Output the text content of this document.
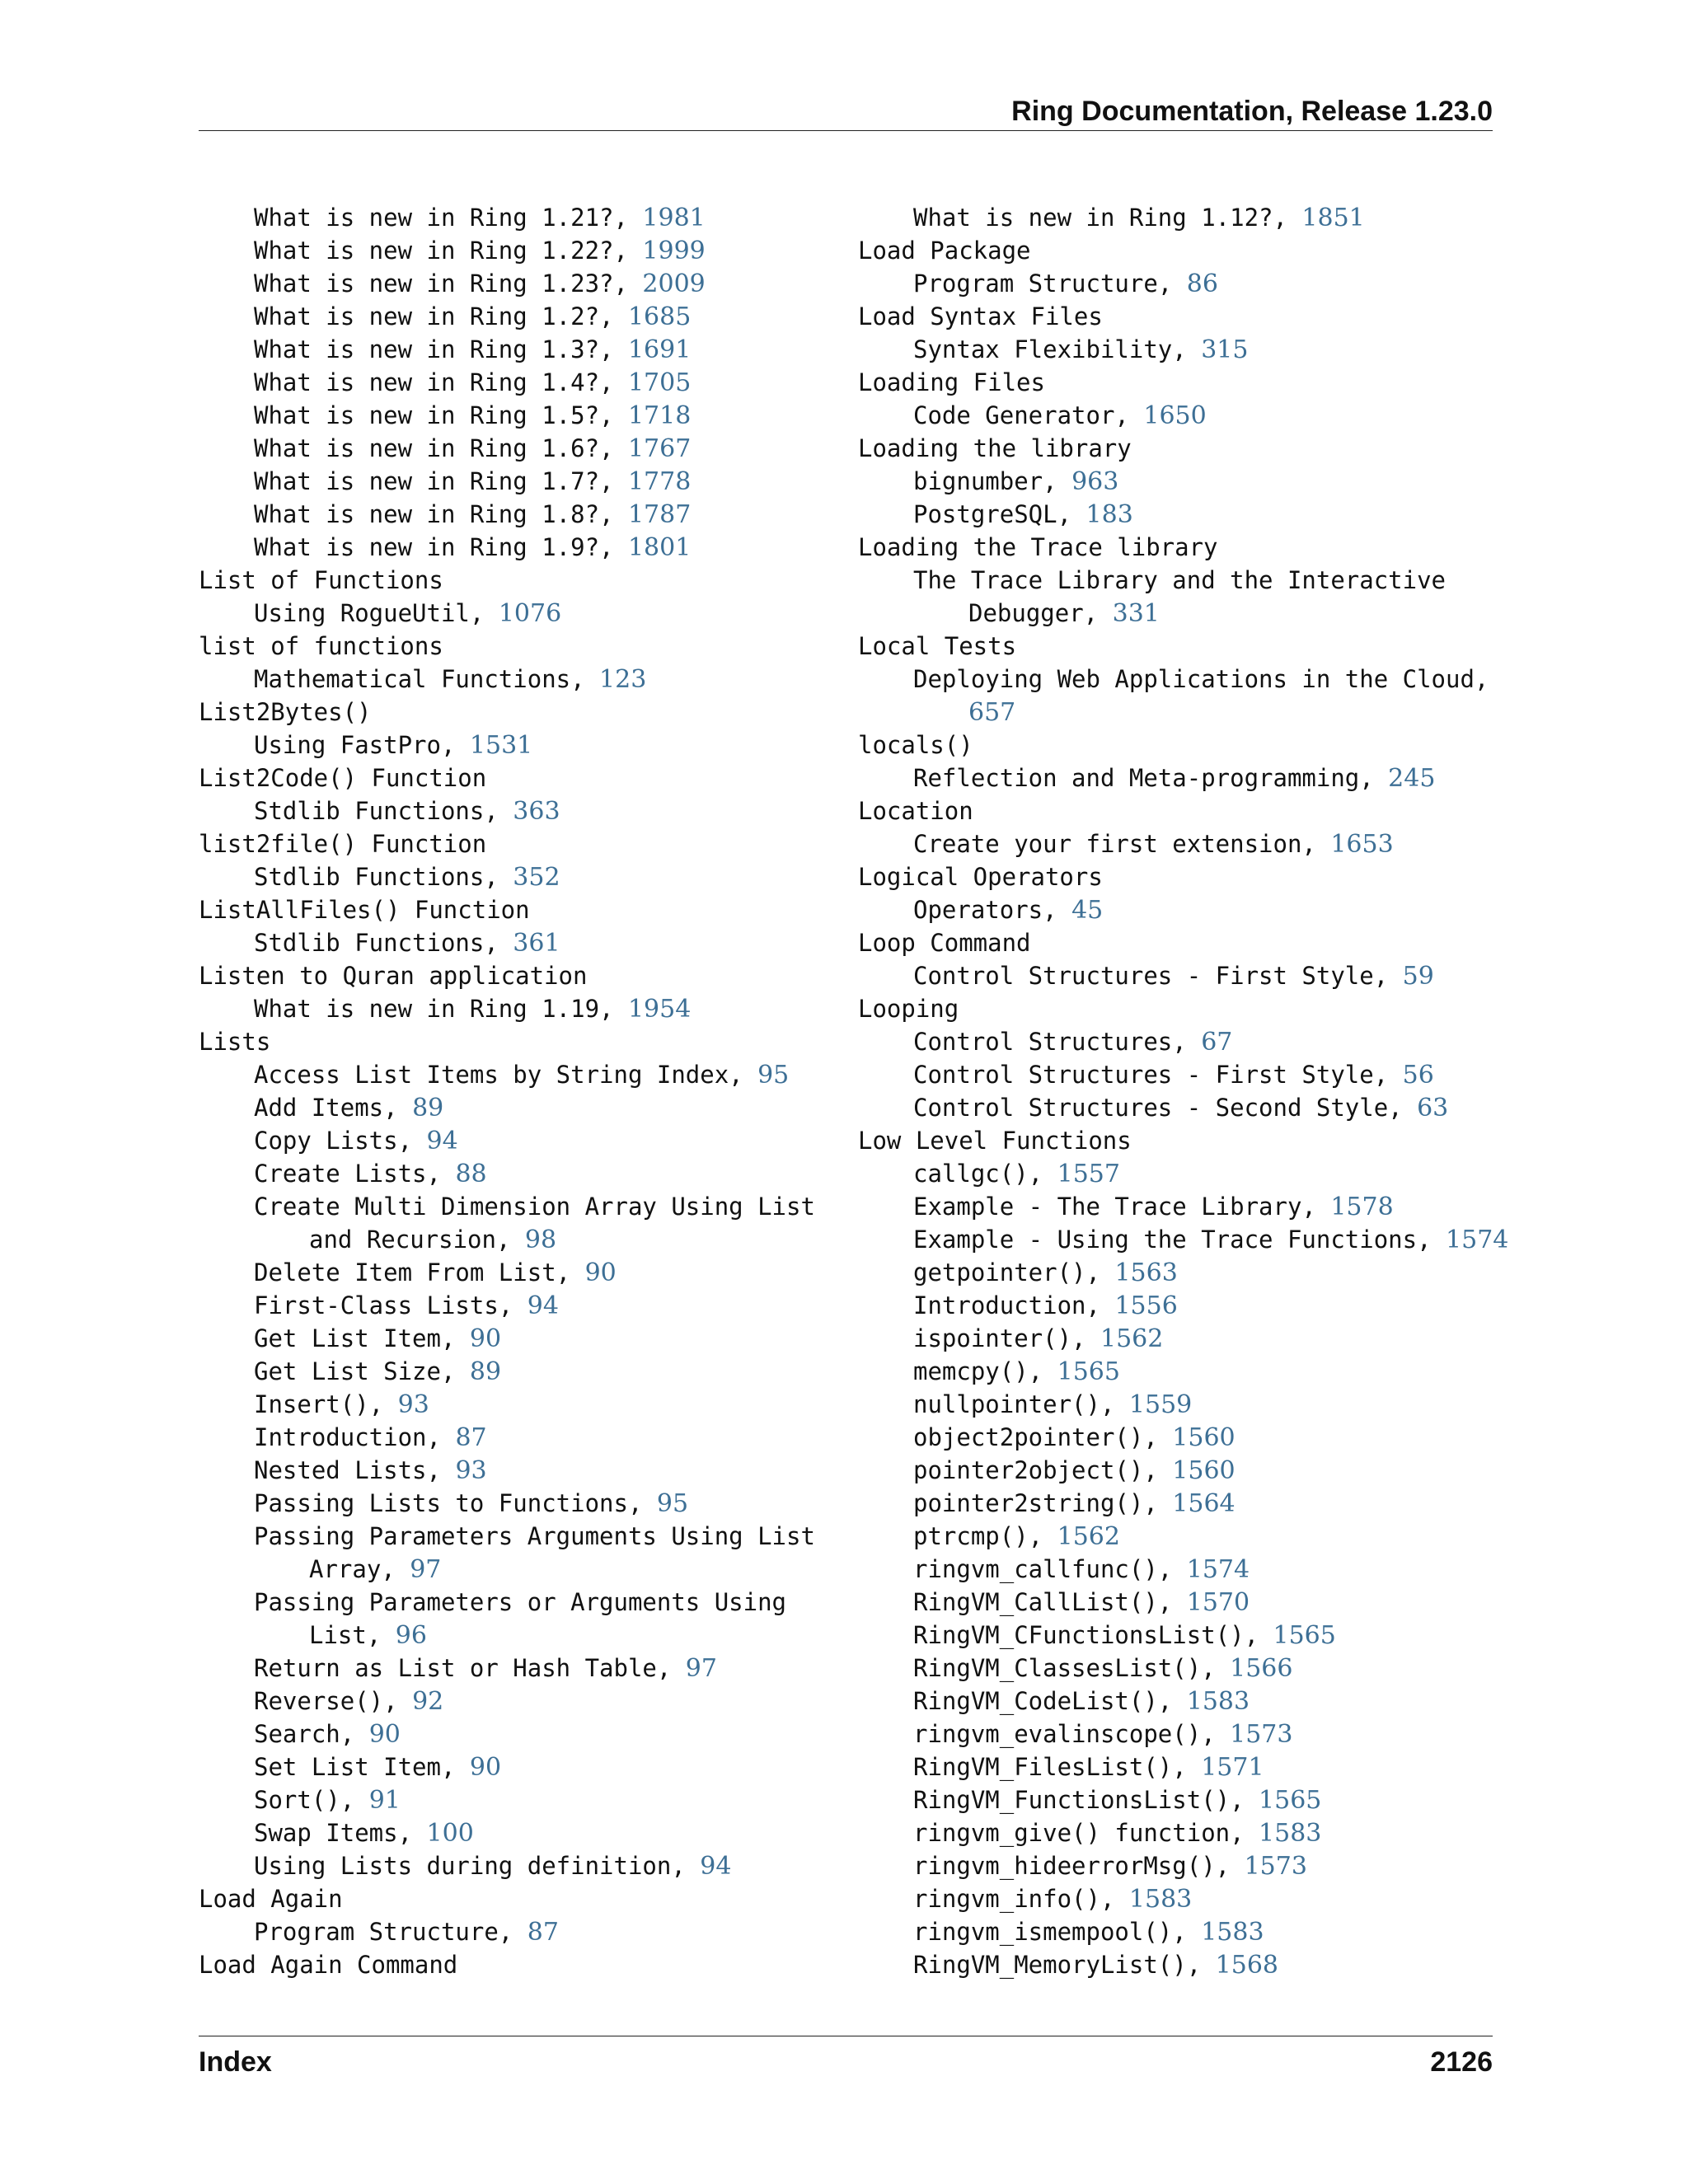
Ring Documentation, Release 1.23.0
What is new in Ring 1.21?, 1981
What is new in Ring 1.22?, 1999
What is new in Ring 1.23?, 2009
What is new in Ring 1.2?, 1685
What is new in Ring 1.3?, 1691
What is new in Ring 1.4?, 1705
What is new in Ring 1.5?, 1718
What is new in Ring 1.6?, 1767
What is new in Ring 1.7?, 1778
What is new in Ring 1.8?, 1787
What is new in Ring 1.9?, 1801
List of Functions
Using RogueUtil, 1076
list of functions
Mathematical Functions, 123
List2Bytes()
Using FastPro, 1531
List2Code() Function
Stdlib Functions, 363
list2file() Function
Stdlib Functions, 352
ListAllFiles() Function
Stdlib Functions, 361
Listen to Quran application
What is new in Ring 1.19, 1954
Lists
Access List Items by String Index, 95
Add Items, 89
Copy Lists, 94
Create Lists, 88
Create Multi Dimension Array Using List
and Recursion, 98
Delete Item From List, 90
First-Class Lists, 94
Get List Item, 90
Get List Size, 89
Insert(), 93
Introduction, 87
Nested Lists, 93
Passing Lists to Functions, 95
Passing Parameters Arguments Using List
Array, 97
Passing Parameters or Arguments Using
List, 96
Return as List or Hash Table, 97
Reverse(), 92
Search, 90
Set List Item, 90
Sort(), 91
Swap Items, 100
Using Lists during definition, 94
Load Again
Program Structure, 87
Load Again Command
What is new in Ring 1.12?, 1851
Load Package
Program Structure, 86
Load Syntax Files
Syntax Flexibility, 315
Loading Files
Code Generator, 1650
Loading the library
bignumber, 963
PostgreSQL, 183
Loading the Trace library
The Trace Library and the Interactive
Debugger, 331
Local Tests
Deploying Web Applications in the Cloud,
657
locals()
Reflection and Meta-programming, 245
Location
Create your first extension, 1653
Logical Operators
Operators, 45
Loop Command
Control Structures - First Style, 59
Looping
Control Structures, 67
Control Structures - First Style, 56
Control Structures - Second Style, 63
Low Level Functions
callgc(), 1557
Example - The Trace Library, 1578
Example - Using the Trace Functions, 1574
getpointer(), 1563
Introduction, 1556
ispointer(), 1562
memcpy(), 1565
nullpointer(), 1559
object2pointer(), 1560
pointer2object(), 1560
pointer2string(), 1564
ptrcmp(), 1562
ringvm_callfunc(), 1574
RingVM_CallList(), 1570
RingVM_CFunctionsList(), 1565
RingVM_ClassesList(), 1566
RingVM_CodeList(), 1583
ringvm_evalinscope(), 1573
RingVM_FilesList(), 1571
RingVM_FunctionsList(), 1565
ringvm_give() function, 1583
ringvm_hideerrorMsg(), 1573
ringvm_info(), 1583
ringvm_ismempool(), 1583
RingVM_MemoryList(), 1568
Index	2126
